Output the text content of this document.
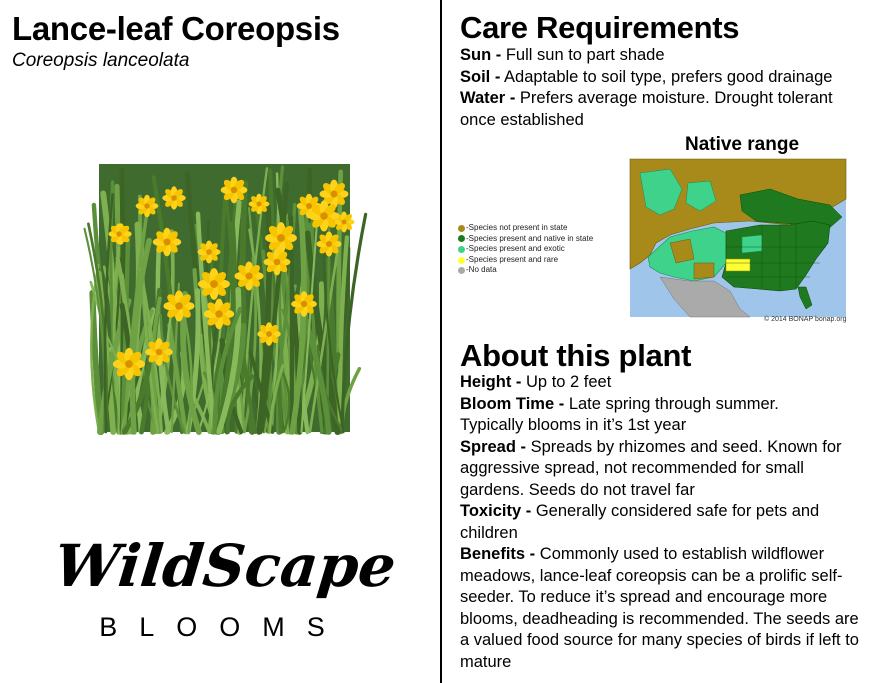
Lance-leaf Coreopsis
Coreopsis lanceolata
WildScape
BLOOMS
Care Requirements

Sun - Full sun to part shade

Soil - Adaptable to soil type, prefers good drainage

Water - Prefers average moisture. Drought tolerant once established

Native range
-Species not present in state
-Species present and native in state
-Species present and exotic
-Species present and rare
-No data
© 2014 BONAP bonap.org
About this plant

Height - Up to 2 feet

Bloom Time - Late spring through summer. Typically blooms in it’s 1st year

Spread - Spreads by rhizomes and seed. Known for aggressive spread, not recommended for small gardens. Seeds do not travel far

Toxicity - Generally considered safe for pets and children

Benefits - Commonly used to establish wildflower meadows, lance-leaf coreopsis can be a prolific self-seeder. To reduce it’s spread and encourage more blooms, deadheading is recommended. The seeds are a valued food source for many species of birds if left to mature
